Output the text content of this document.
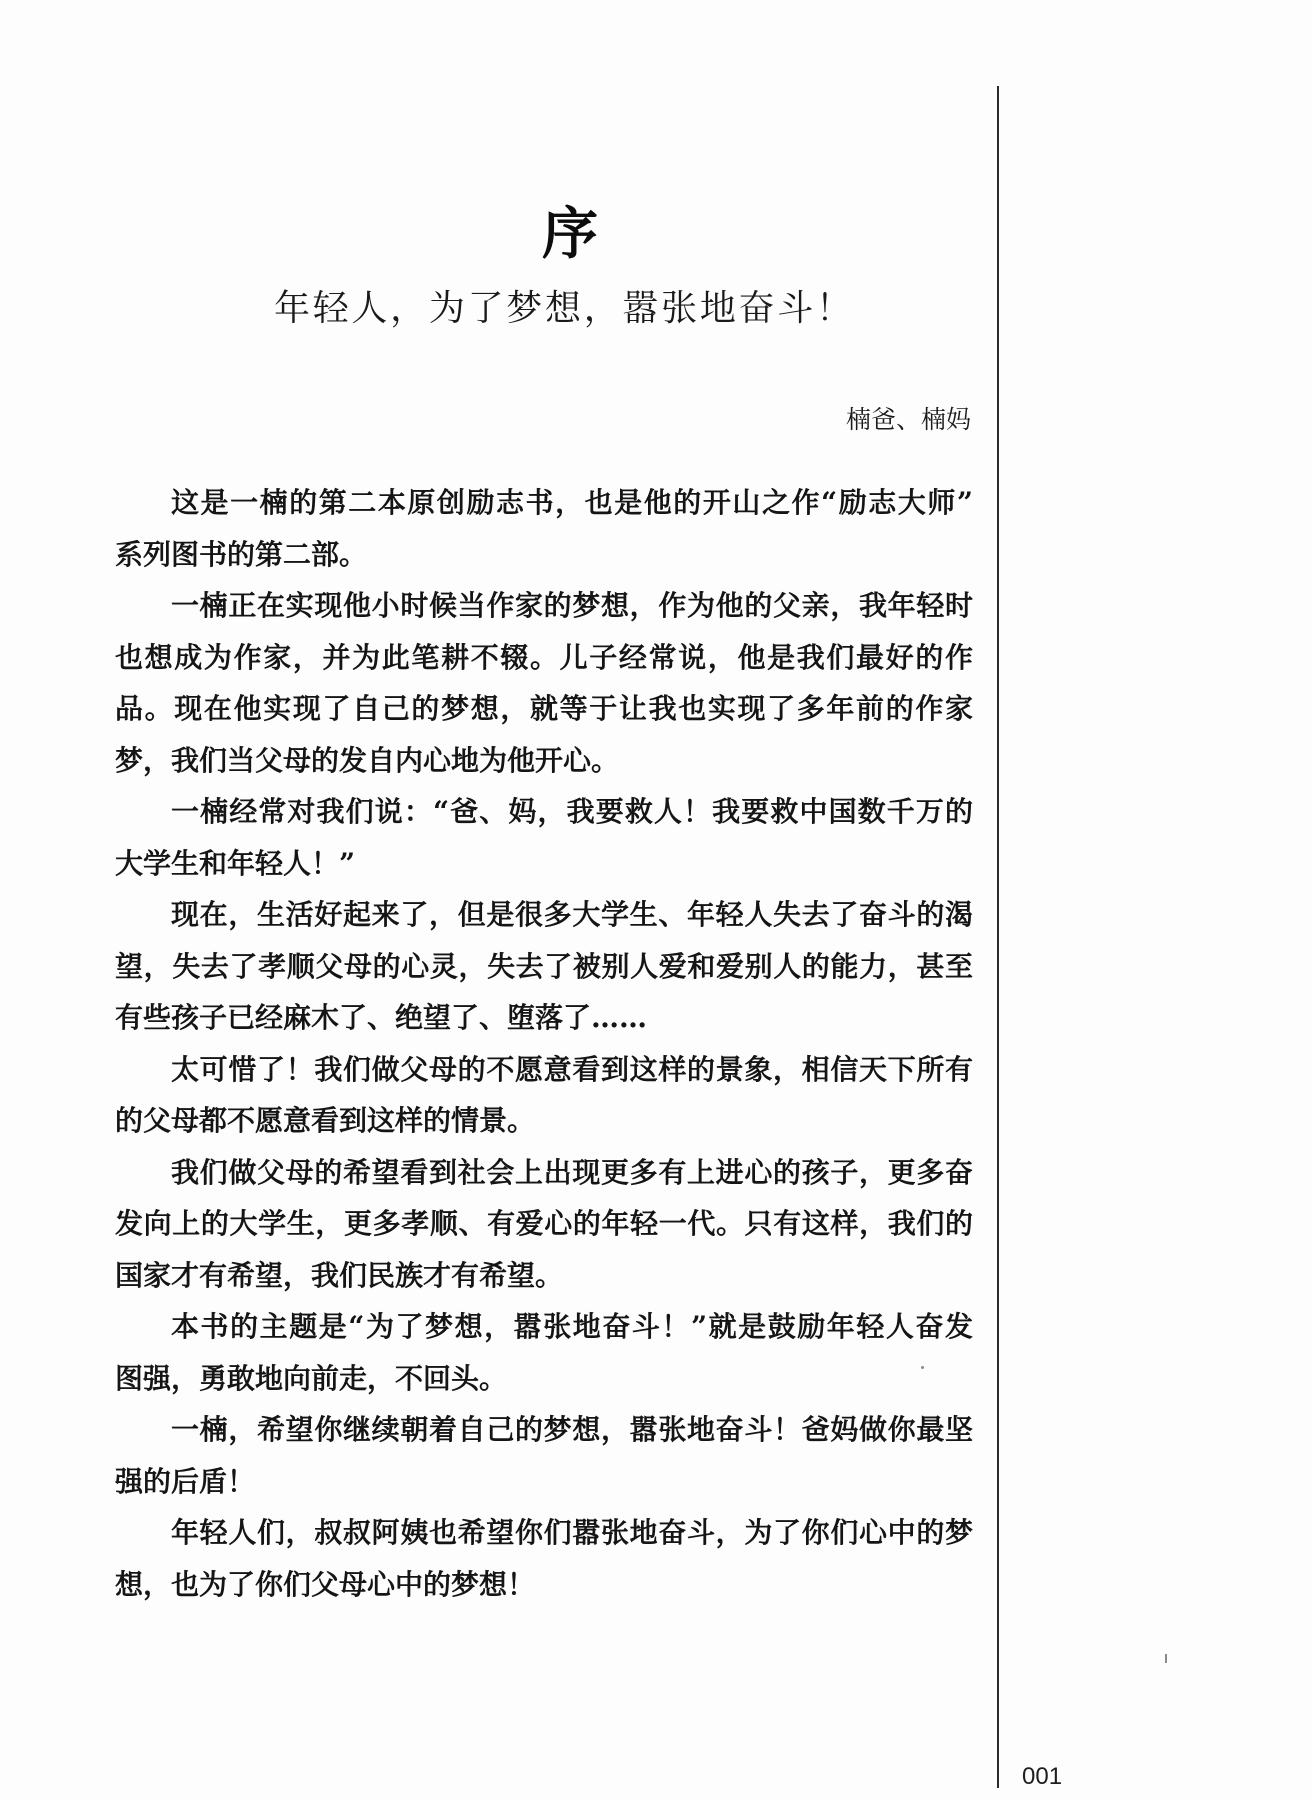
序
年轻人，为了梦想，嚣张地奋斗！
楠爸、楠妈
这是一楠的第二本原创励志书，也是他的开山之作“励志大师”
系列图书的第二部。
一楠正在实现他小时候当作家的梦想，作为他的父亲，我年轻时
也想成为作家，并为此笔耕不辍。儿子经常说，他是我们最好的作
品。现在他实现了自己的梦想，就等于让我也实现了多年前的作家
梦，我们当父母的发自内心地为他开心。
一楠经常对我们说：“爸、妈，我要救人！我要救中国数千万的
大学生和年轻人！”
现在，生活好起来了，但是很多大学生、年轻人失去了奋斗的渴
望，失去了孝顺父母的心灵，失去了被别人爱和爱别人的能力，甚至
有些孩子已经麻木了、绝望了、堕落了……
太可惜了！我们做父母的不愿意看到这样的景象，相信天下所有
的父母都不愿意看到这样的情景。
我们做父母的希望看到社会上出现更多有上进心的孩子，更多奋
发向上的大学生，更多孝顺、有爱心的年轻一代。只有这样，我们的
国家才有希望，我们民族才有希望。
本书的主题是“为了梦想，嚣张地奋斗！”就是鼓励年轻人奋发
图强，勇敢地向前走，不回头。
一楠，希望你继续朝着自己的梦想，嚣张地奋斗！爸妈做你最坚
强的后盾！
年轻人们，叔叔阿姨也希望你们嚣张地奋斗，为了你们心中的梦
想，也为了你们父母心中的梦想！
001
